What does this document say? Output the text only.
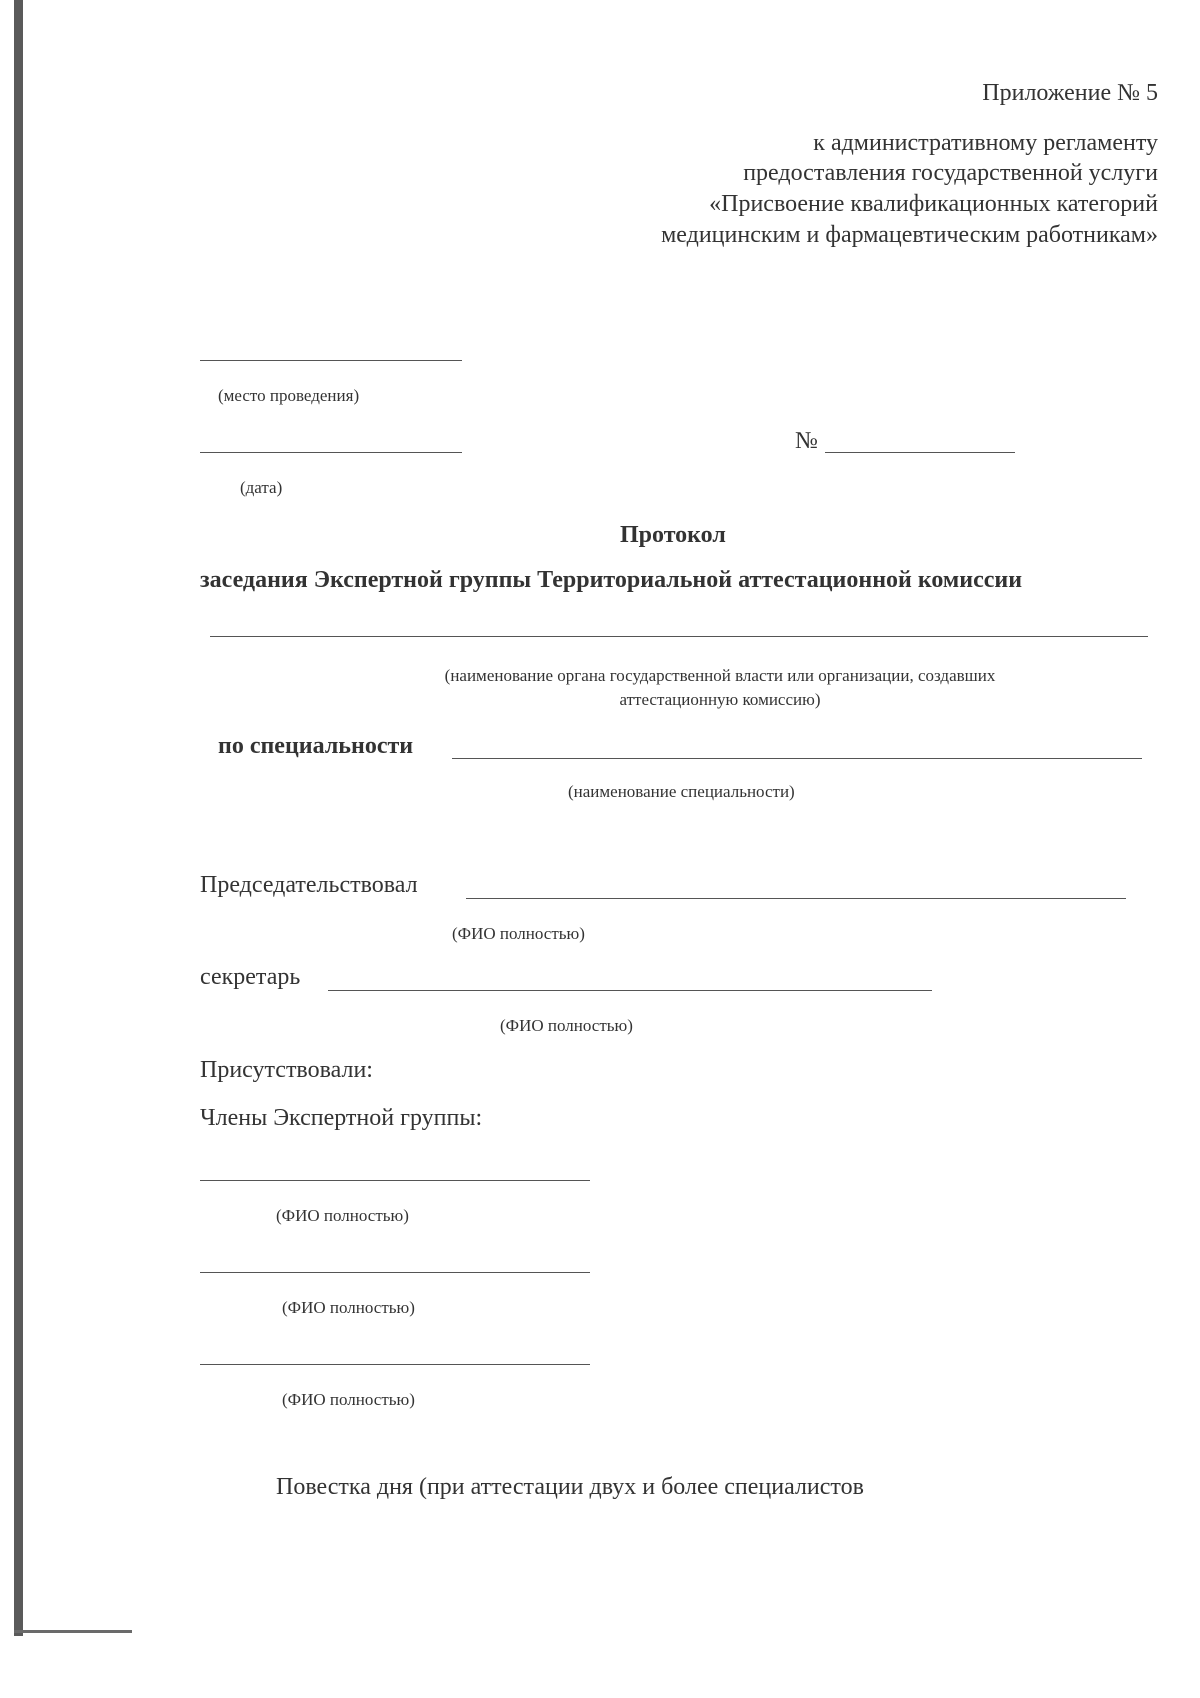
Приложение № 5
к административному регламенту
предоставления государственной услуги
«Присвоение квалификационных категорий
медицинским и фармацевтическим работникам»
(место проведения)
(дата)
№
Протокол
заседания Экспертной группы Территориальной аттестационной комиссии
(наименование органа государственной власти или организации, создавших
аттестационную комиссию)
по специальности
(наименование специальности)
Председательствовал
(ФИО полностью)
секретарь
(ФИО полностью)
Присутствовали:
Члены Экспертной группы:
(ФИО полностью)
(ФИО полностью)
(ФИО полностью)
Повестка дня (при аттестации двух и более специалистов
